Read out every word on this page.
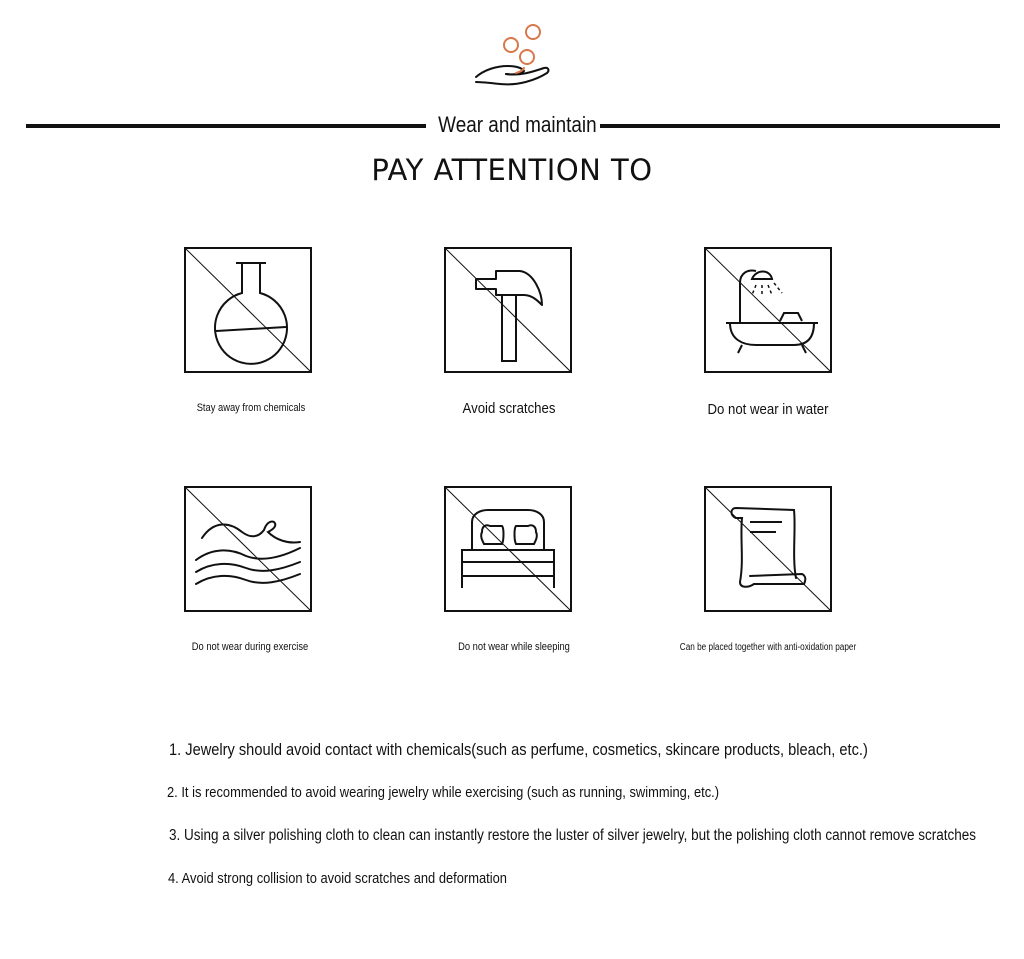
Wear and maintain
PAY ATTENTION TO
Stay away from chemicals	Avoid scratches	Do not wear in water
Do not wear during exercise	Do not wear while sleeping	Can be placed together with anti-oxidation paper
1. Jewelry should avoid contact with chemicals(such as perfume, cosmetics, skincare products, bleach, etc.)
2. It is recommended to avoid wearing jewelry while exercising (such as running, swimming, etc.)
3. Using a silver polishing cloth to clean can instantly restore the luster of silver jewelry, but the polishing cloth cannot remove scratches
4. Avoid strong collision to avoid scratches and deformation
